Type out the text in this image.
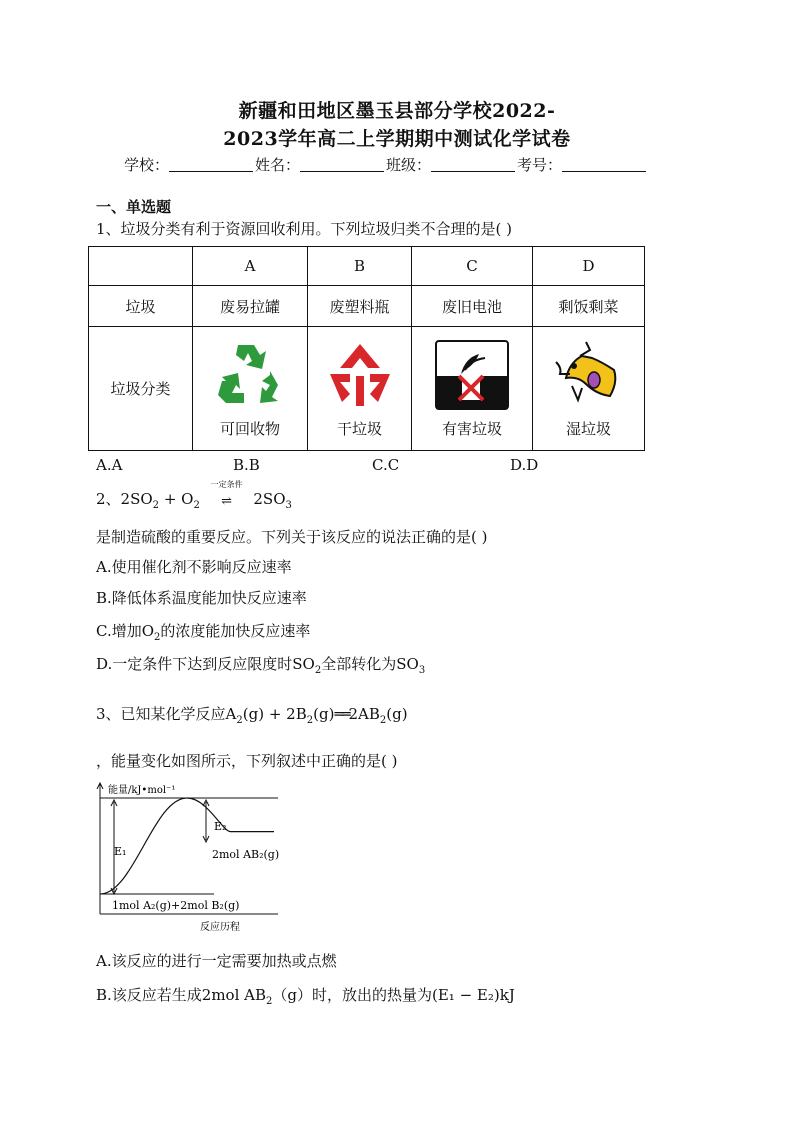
新疆和田地区墨玉县部分学校2022-
2023学年高二上学期期中测试化学试卷
学校：	姓名：	班级：	考号：
一、单选题
1、垃圾分类有利于资源回收利用。下列垃圾归类不合理的是( )
	A	B	C	D
垃圾	废易拉罐	废塑料瓶	废旧电池	剩饭剩菜
垃圾分类	可回收物	干垃圾	有害垃圾	湿垃圾
A.A	B.B	C.C	D.D
2、$2SO_2 + O_2$
一定条件
⇌ $2SO_3$
是制造硫酸的重要反应。下列关于该反应的说法正确的是( )
A.使用催化剂不影响反应速率
B.降低体系温度能加快反应速率
C.增加$O_2$的浓度能加快反应速率
D.一定条件下达到反应限度时$SO_2$全部转化为$SO_3$
3、已知某化学反应$A_2(g)$ + $2B_2(g)══2AB_2(g)$
，能量变化如图所示，下列叙述中正确的是( )
能量/kJ•mol⁻¹
E₁
E₂
2mol AB₂(g)
1mol A₂(g)+2mol B₂(g)
反应历程
A.该反应的进行一定需要加热或点燃
B.该反应若生成2mol $AB_2(g)$时，放出的热量为(E₁ − E₂)kJ
